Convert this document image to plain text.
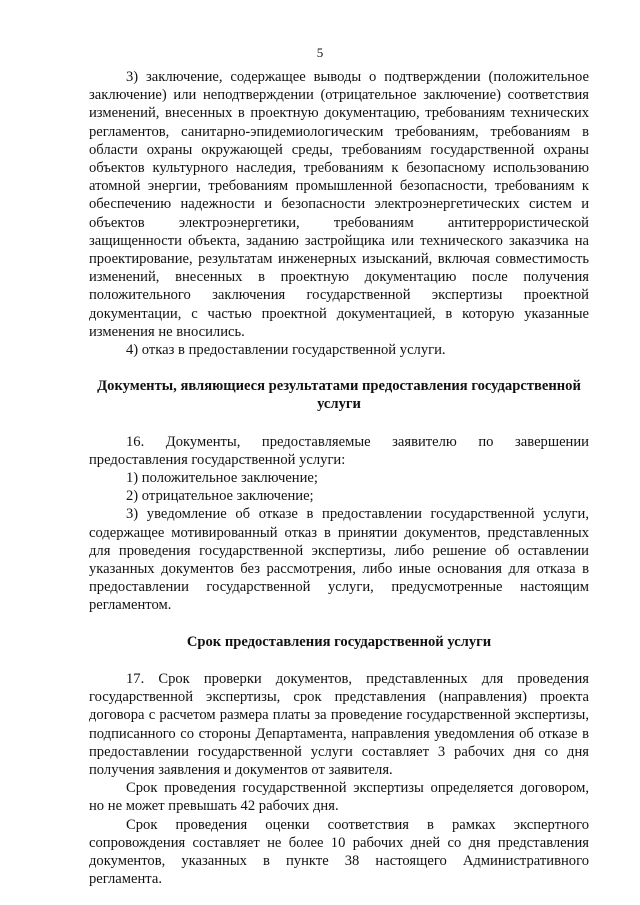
5

3) заключение, содержащее выводы о подтверждении (положительное заключение) или неподтверждении (отрицательное заключение) соответствия изменений, внесенных в проектную документацию, требованиям технических регламентов, санитарно-эпидемиологическим требованиям, требованиям в области охраны окружающей среды, требованиям государственной охраны объектов культурного наследия, требованиям к безопасному использованию атомной энергии, требованиям промышленной безопасности, требованиям к обеспечению надежности и безопасности электроэнергетических систем и объектов электроэнергетики, требованиям антитеррористической защищенности объекта, заданию застройщика или технического заказчика на проектирование, результатам инженерных изысканий, включая совместимость изменений, внесенных в проектную документацию после получения положительного заключения государственной экспертизы проектной документации, с частью проектной документацией, в которую указанные изменения не вносились.

4) отказ в предоставлении государственной услуги.

Документы, являющиеся результатами предоставления государственной услуги

16. Документы, предоставляемые заявителю по завершении предоставления государственной услуги:

1) положительное заключение;

2) отрицательное заключение;

3) уведомление об отказе в предоставлении государственной услуги, содержащее мотивированный отказ в принятии документов, представленных для проведения государственной экспертизы, либо решение об оставлении указанных документов без рассмотрения, либо иные основания для отказа в предоставлении государственной услуги, предусмотренные настоящим регламентом.

Срок предоставления государственной услуги

17. Срок проверки документов, представленных для проведения государственной экспертизы, срок представления (направления) проекта договора с расчетом размера платы за проведение государственной экспертизы, подписанного со стороны Департамента, направления уведомления об отказе в предоставлении государственной услуги составляет 3 рабочих дня со дня получения заявления и документов от заявителя.

Срок проведения государственной экспертизы определяется договором, но не может превышать 42 рабочих дня.

Срок проведения оценки соответствия в рамках экспертного сопровождения составляет не более 10 рабочих дней со дня представления документов, указанных в пункте 38 настоящего Административного регламента.
